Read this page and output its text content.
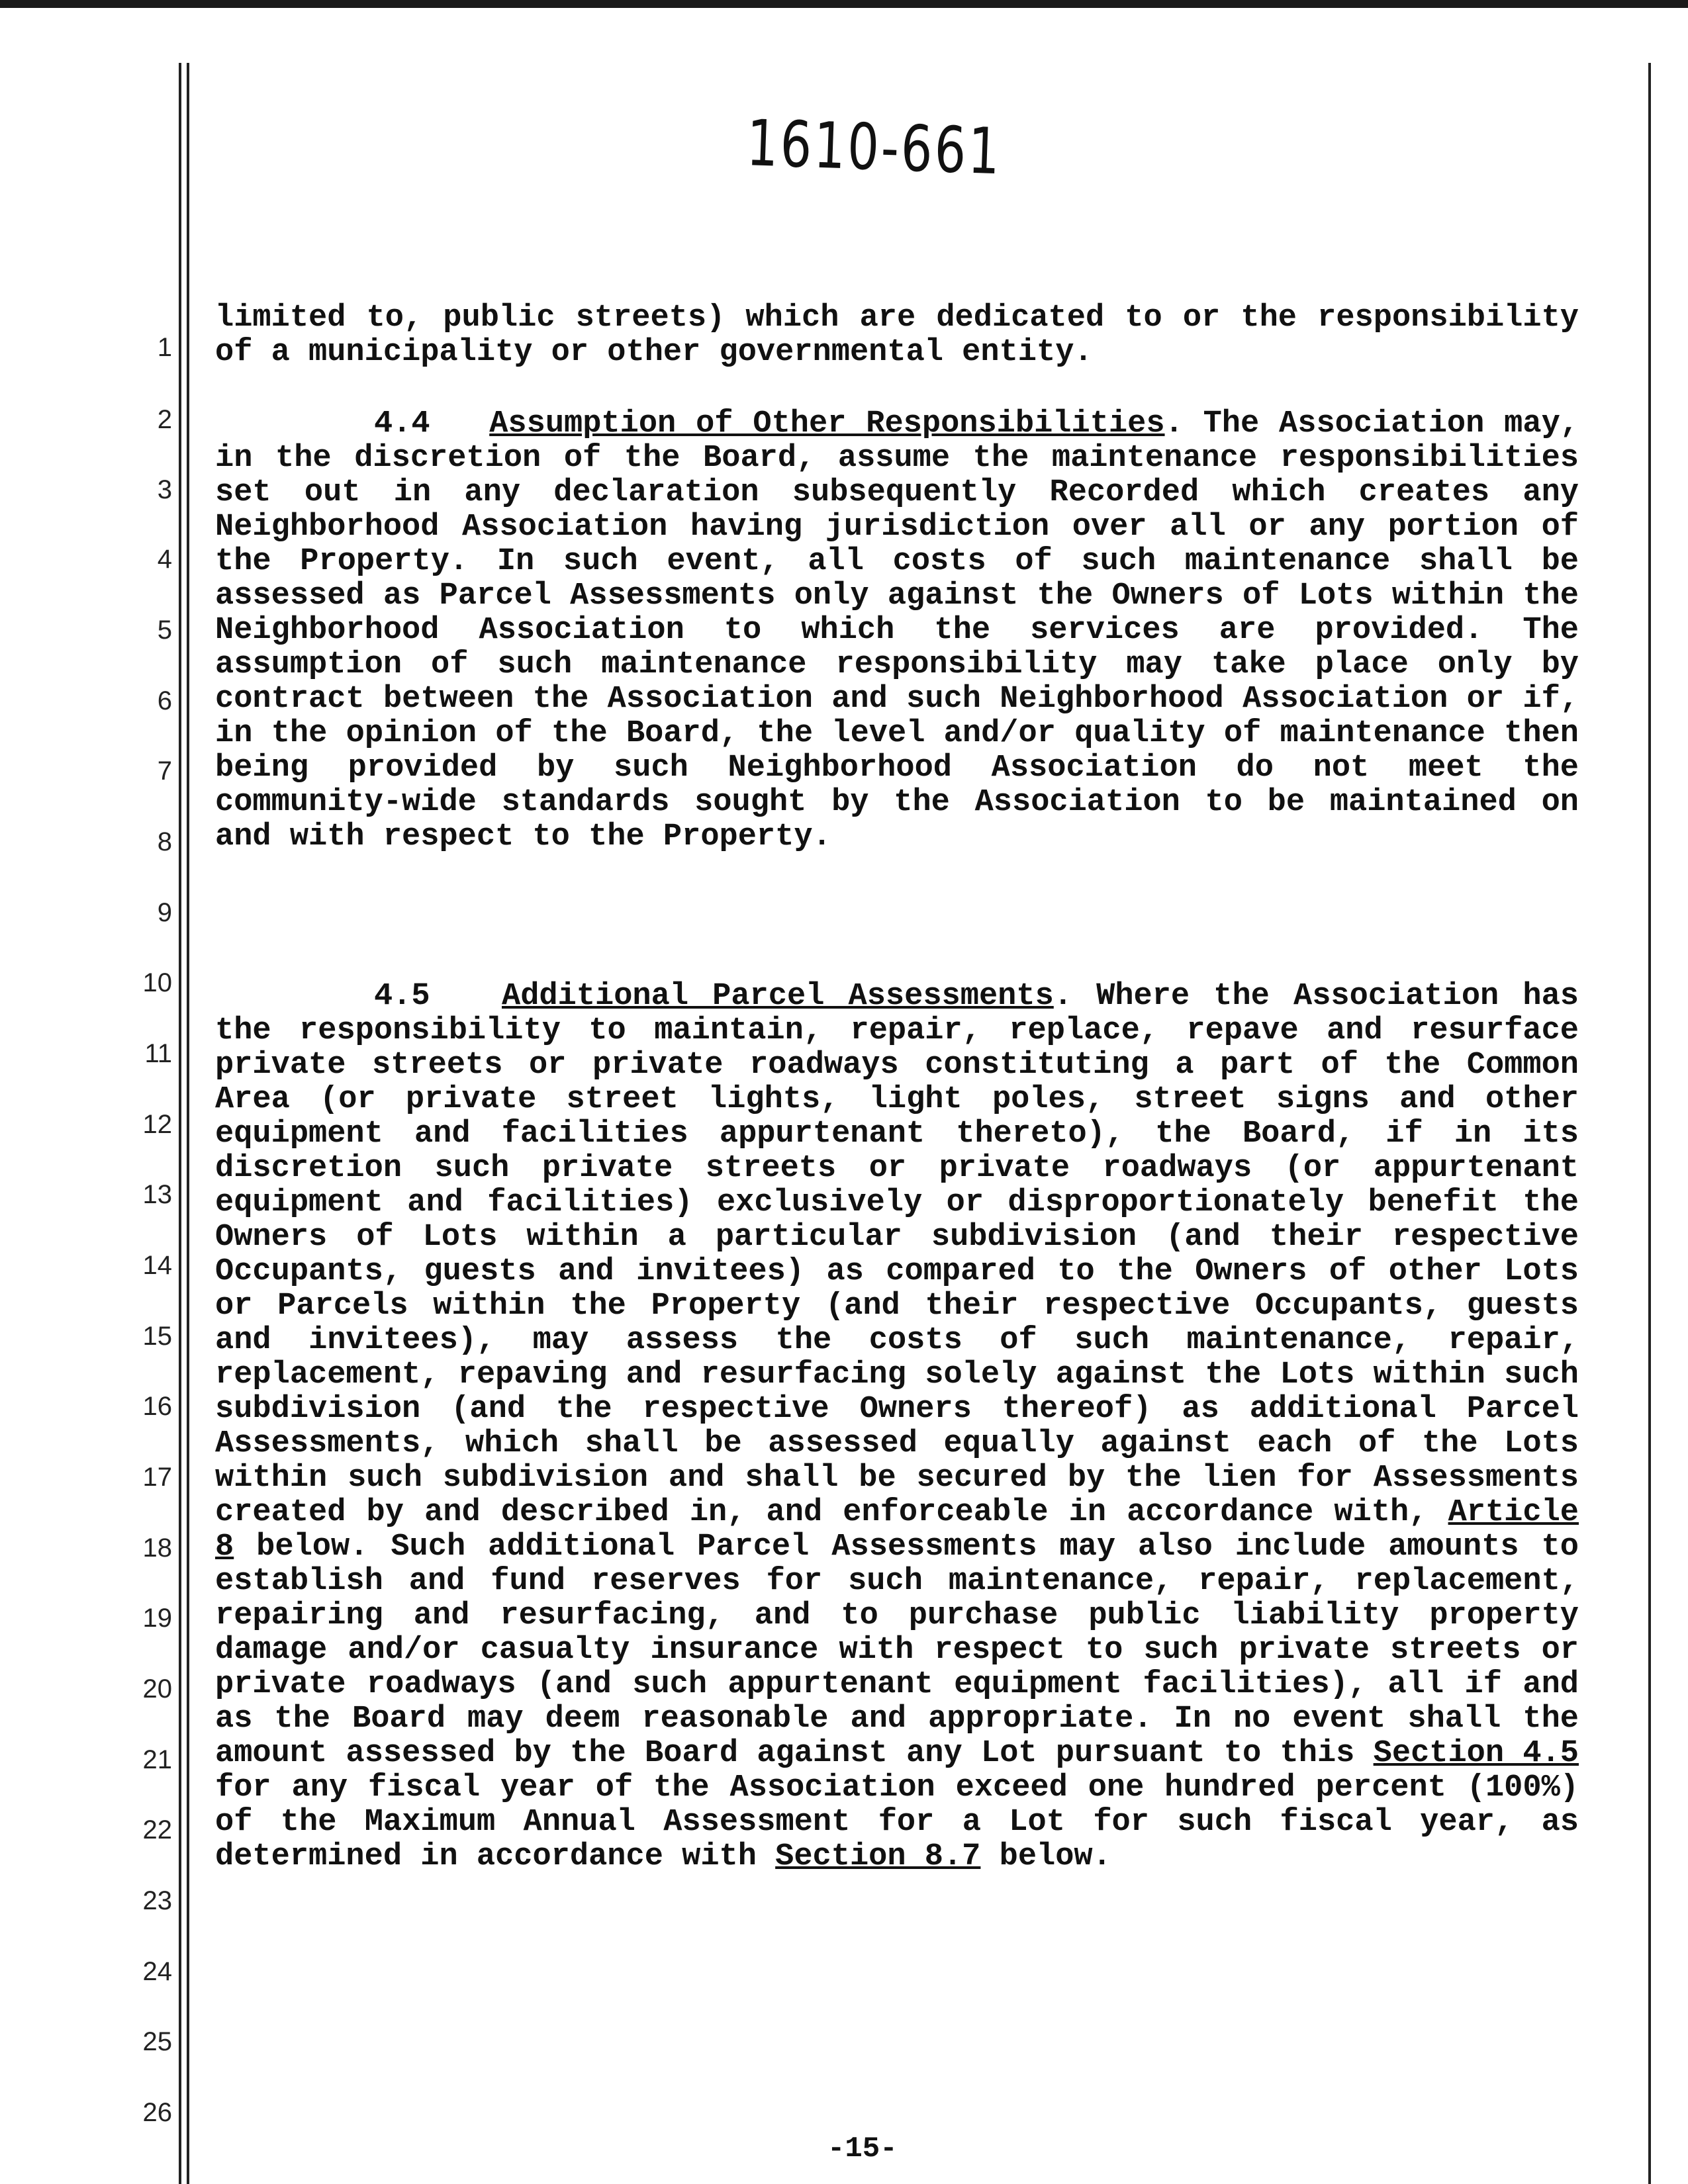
1610-661
1
2
3
4
5
6
7
8
9
10
11
12
13
14
15
16
17
18
19
20
21
22
23
24
25
26
limited to, public streets) which are dedicated to or the responsibility of a municipality or other governmental entity.
4.4 Assumption of Other Responsibilities. The Association may, in the discretion of the Board, assume the maintenance responsibilities set out in any declaration subsequently Recorded which creates any Neighborhood Association having jurisdiction over all or any portion of the Property. In such event, all costs of such maintenance shall be assessed as Parcel Assessments only against the Owners of Lots within the Neighborhood Association to which the services are provided. The assumption of such maintenance responsibility may take place only by contract between the Association and such Neighborhood Association or if, in the opinion of the Board, the level and/or quality of maintenance then being provided by such Neighborhood Association do not meet the community-wide standards sought by the Association to be maintained on and with respect to the Property.
4.5 Additional Parcel Assessments. Where the Association has the responsibility to maintain, repair, replace, repave and resurface private streets or private roadways constituting a part of the Common Area (or private street lights, light poles, street signs and other equipment and facilities appurtenant thereto), the Board, if in its discretion such private streets or private roadways (or appurtenant equipment and facilities) exclusively or disproportionately benefit the Owners of Lots within a particular subdivision (and their respective Occupants, guests and invitees) as compared to the Owners of other Lots or Parcels within the Property (and their respective Occupants, guests and invitees), may assess the costs of such maintenance, repair, replacement, repaving and resurfacing solely against the Lots within such subdivision (and the respective Owners thereof) as additional Parcel Assessments, which shall be assessed equally against each of the Lots within such subdivision and shall be secured by the lien for Assessments created by and described in, and enforceable in accordance with, Article 8 below. Such additional Parcel Assessments may also include amounts to establish and fund reserves for such maintenance, repair, replacement, repairing and resurfacing, and to purchase public liability property damage and/or casualty insurance with respect to such private streets or private roadways (and such appurtenant equipment facilities), all if and as the Board may deem reasonable and appropriate. In no event shall the amount assessed by the Board against any Lot pursuant to this Section 4.5 for any fiscal year of the Association exceed one hundred percent (100%) of the Maximum Annual Assessment for a Lot for such fiscal year, as determined in accordance with Section 8.7 below.
-15-
